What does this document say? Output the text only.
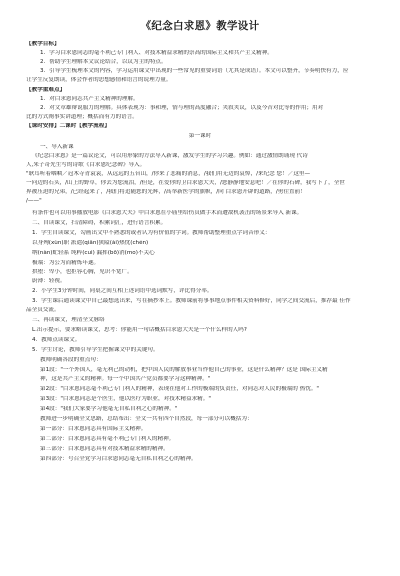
《纪念白求恩》教学设计
【教学目标】
1．学习白求恩同志的毫不利己专门利人、对技术精益求精的崇高的国际主义和共产主义精神。
2．帮助学生理解本文议论结合，以议为主的特点。
3．引导学生梳理本文的内容，学习运用课文中出现的一些常见的重要词语（尤其是成语）。本文可以整齐，节奏明快有力，应
让学生反复朗读，体会作者的思想感情和语言的说理力量。
【教学重难点】
1．对白求恩同志共产主义精神的理解。
2．对文章雄辩说服力的理解。具体表现为：事和理，情与理的高度融合；夹叙夹议，以及今昔对比等的作用；用对
比的方式阐事实讲道理；概括而有力的语言。
【课时安排】二课时【教学流程】
第一课时
一、导入新课
《纪念白求恩》是一篇议论文，可以用形象的方法导入新课，激发学生的学习兴趣。例如：通过激情朗诵现 代诗
人,朱子奇先生写的诗歌《白求恩纪念碑》导入。
"耿耳听着咽咽／冠木寺青袁袁，从远远的五台山，/你来了悲痛的消息，/我们用无边的哀悼，/来纪念 您！／这里—
一问边的石头，/山上的野草，你去为您流泪，/但是，在爱你的卫白求恩大夫，/您静静地安息吧！／在你的石碑，我写下了，全世
界被压迫的兄弟，/已经起来了，/我们将追随您的光辉，/高举新医学的旗帜，/向 白求恩开辟的道路，/勇往直前！
/——"
有条件也可以用事播放电影《白求恩大夫》中白求恩在小庙里给伤员做手术而遭敌机袭击的场景来导入 新课。
二、自读课文，扫清障碍，积累词汇，进行语言积累。
1．学生自读课文，勾画出文中不熟悉的或者认为有价值的字词。教师帮助整理重点字词音形义：
以身殉(xùn)职 派遣(qiǎn)狭隘(ài)热忱(chén)
纳(nàn)虻轻系 纯粹(cuì) 漏挥(bō)消(mo)不关心
极端：为公为而精炼年遂。
拱堕：卑小，也拒容心胸，见识不宽广。
蔚薄：轻视。
2．小学生3分钟时间，同桌之间互相上述词语中选词默写，评比得分率。
3．学生课后通读课文中自己最想选出来，写在摘抄本上。教师课前将事事地点事件相关资料修好，同学之间交流后，推荐最 佳作
品全员交流。
三、再读课文，理清全文脉络
L.出示提示，要求略读课文，思考：你能用一句话概括白求恩大夫是一个什么样的人吗?
4．教师点读课文。
5．学生讨论，教师引导学生把握课文中的关键句。
教师明确各段的重点句：
第1段："一个外国人，毫无利己的动机，把中国人民的解放事业当作他自己的事业，这是什么精神？这是 国际主义精
神，这是共产主义的精神。每一个中国共产党员都要学习这种精神。"
第2段："白求恩同志毫不利己专门利人的精神，表现在他对工作的极端的负责任，对同志对人民的极端的 热忱。"
第3段："白求恩同志是个医生，他以医疗为职业，对技术精益求精。"
第4段："我们大家要学习他毫无自私自利之心的精神。"
教师进一步明确全文思路，总结布出：全文一共有四个自然段，每一部分可以概括为：
第一部分：白求恩同志具有国际主义精神。
第二部分：白求恩同志具有毫不利己专门利人的精神。
第三部分：白求恩同志具有对技术精益求精的精神。
第四部分：号召全党学习白求恩同志毫无自私自利之心的精神。
